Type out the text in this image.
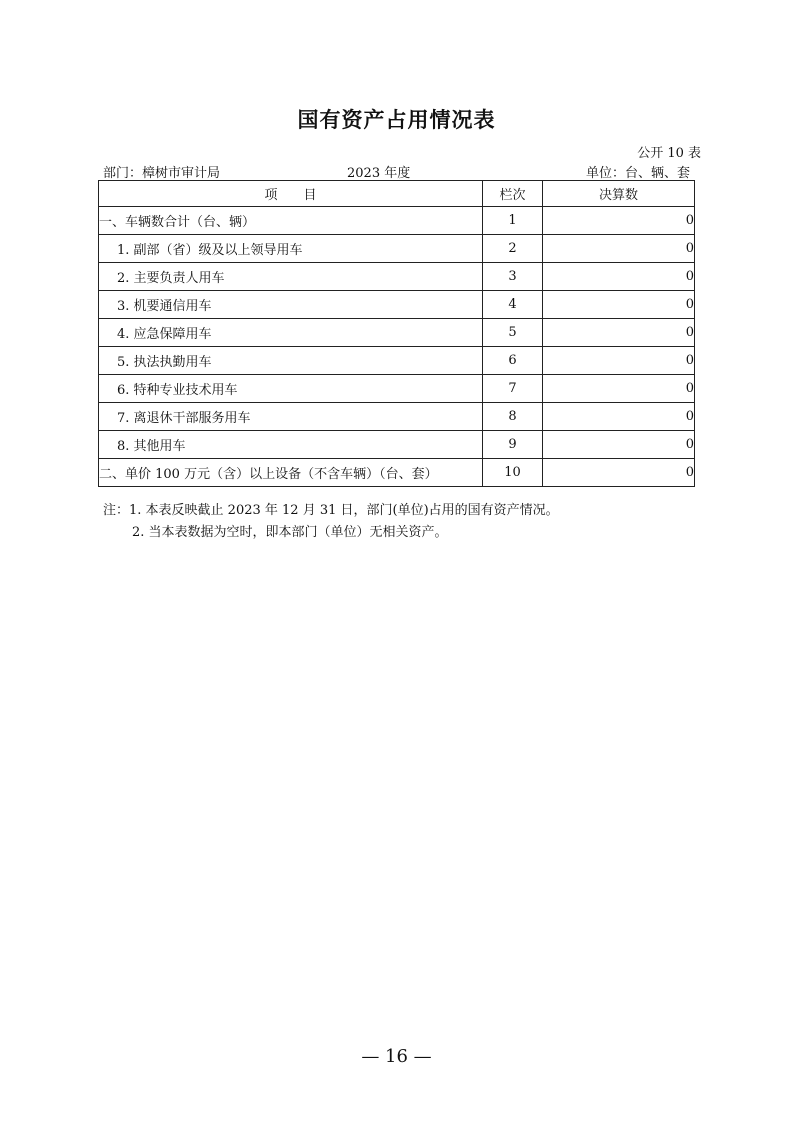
国有资产占用情况表
公开 10 表
部门：樟树市审计局	2023 年度	单位：台、辆、套
项　　目	栏次	决算数
一、车辆数合计（台、辆）	1	0
1. 副部（省）级及以上领导用车	2	0
2. 主要负责人用车	3	0
3. 机要通信用车	4	0
4. 应急保障用车	5	0
5. 执法执勤用车	6	0
6. 特种专业技术用车	7	0
7. 离退休干部服务用车	8	0
8. 其他用车	9	0
二、单价 100 万元（含）以上设备（不含车辆）（台、套）	10	0
注：1. 本表反映截止 2023 年 12 月 31 日，部门(单位)占用的国有资产情况。
2. 当本表数据为空时，即本部门（单位）无相关资产。
— 16 —
